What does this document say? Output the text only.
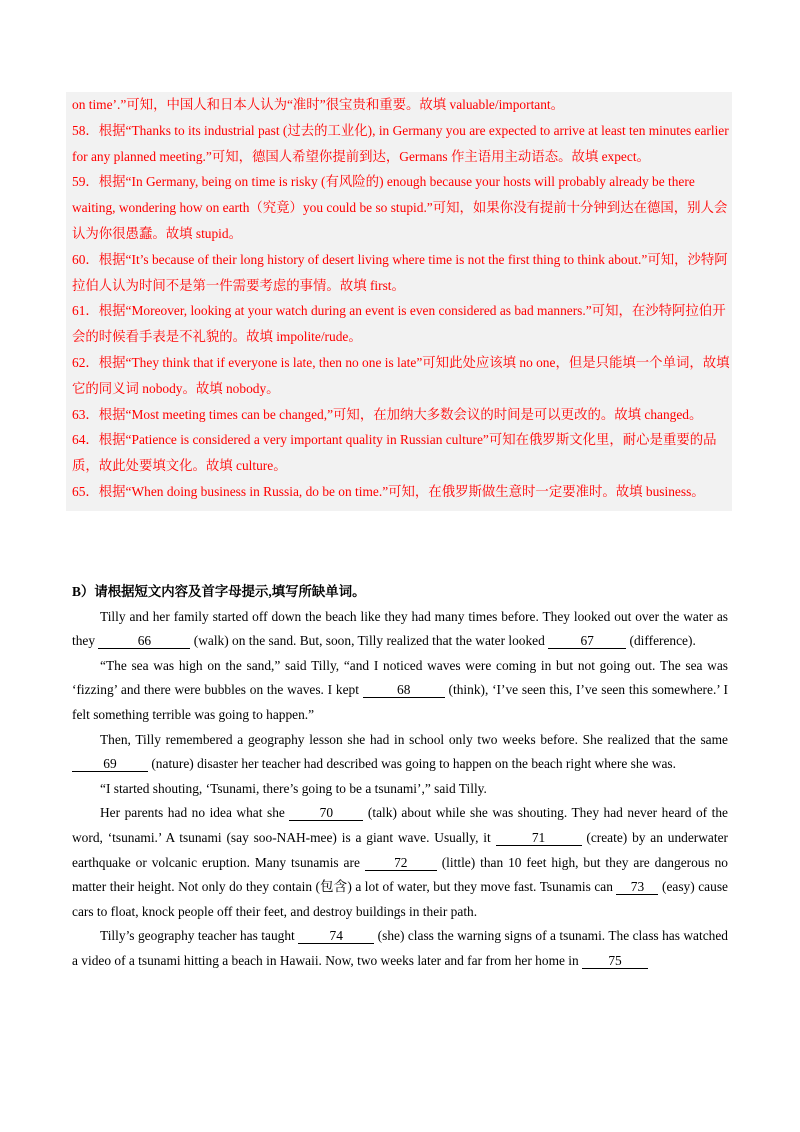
on time’.”可知，中国人和日本人认为“准时”很宝贵和重要。故填 valuable/important。

58．根据“Thanks to its industrial past (过去的工业化), in Germany you are expected to arrive at least ten minutes earlier for any planned meeting.”可知，德国人希望你提前到达，Germans 作主语用主动语态。故填 expect。

59．根据“In Germany, being on time is risky (有风险的) enough because your hosts will probably already be there waiting, wondering how on earth（究竟）you could be so stupid.”可知，如果你没有提前十分钟到达在德国，别人会认为你很愚蠢。故填 stupid。

60．根据“It’s because of their long history of desert living where time is not the first thing to think about.”可知，沙特阿拉伯人认为时间不是第一件需要考虑的事情。故填 first。

61．根据“Moreover, looking at your watch during an event is even considered as bad manners.”可知，在沙特阿拉伯开会的时候看手表是不礼貌的。故填 impolite/rude。

62．根据“They think that if everyone is late, then no one is late”可知此处应该填 no one，但是只能填一个单词，故填它的同义词 nobody。故填 nobody。

63．根据“Most meeting times can be changed,”可知，在加纳大多数会议的时间是可以更改的。故填 changed。

64．根据“Patience is considered a very important quality in Russian culture”可知在俄罗斯文化里，耐心是重要的品质，故此处要填文化。故填 culture。

65．根据“When doing business in Russia, do be on time.”可知，在俄罗斯做生意时一定要准时。故填 business。

B）请根据短文内容及首字母提示,填写所缺单词。

Tilly and her family started off down the beach like they had many times before. They looked out over the water as they	66	(walk) on the sand. But, soon, Tilly realized that the water looked 67 (difference).

“The sea was high on the sand,” said Tilly, “and I noticed waves were coming in but not going out. The sea was ‘fizzing’ and there were bubbles on the waves. I kept	68	(think), ‘I’ve seen this, I’ve seen this somewhere.’ I felt something terrible was going to happen.”

Then, Tilly remembered a geography lesson she had in school only two weeks before. She realized that the same 69 (nature) disaster her teacher had described was going to happen on the beach right where she was.

“I started shouting, ‘Tsunami, there’s going to be a tsunami’,” said Tilly.

Her parents had no idea what she 70 (talk) about while she was shouting. They had never heard of the word, ‘tsunami.’ A tsunami (say soo-NAH-mee) is a giant wave. Usually, it	71	(create) by an underwater earthquake or volcanic eruption. Many tsunamis are 72 (little) than 10 feet high, but they are dangerous no matter their height. Not only do they contain (包含) a lot of water, but they move fast. Tsunamis can 73 (easy) cause cars to float, knock people off their feet, and destroy buildings in their path.

Tilly’s geography teacher has taught 74 (she) class the warning signs of a tsunami. The class has watched a video of a tsunami hitting a beach in Hawaii. Now, two weeks later and far from her home in 75
